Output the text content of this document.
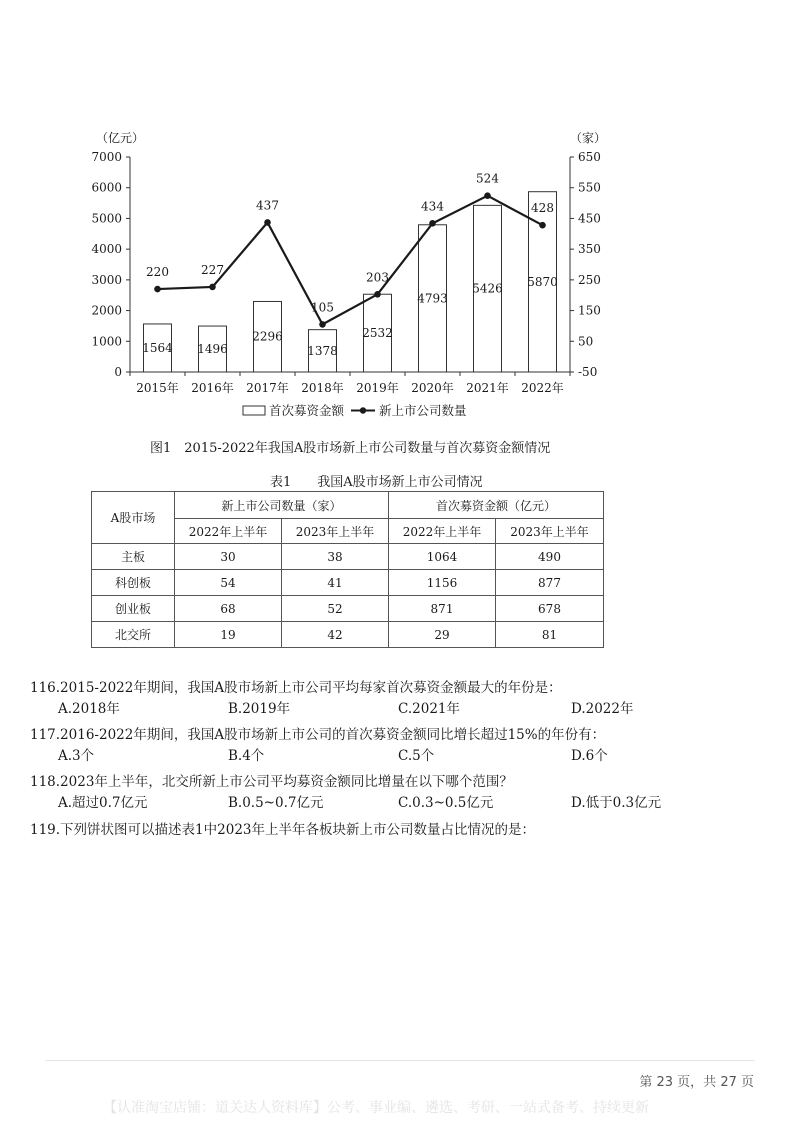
0
1000
2000
3000
4000
5000
6000
7000
-50
50
150
250
350
450
550
650
（亿元）	（家）
2015年 2016年 2017年 2018年 2019年 2020年 2021年 2022年
1564 1496
2296
1378
2532
4793
5426 5870
220	227
437
105
203
434
524
428
首次募资金额	新上市公司数量
图1　2015-2022年我国A股市场新上市公司数量与首次募资金额情况
表1　　我国A股市场新上市公司情况
A股市场	新上市公司数量（家）		首次募资金额（亿元）	
	2022年上半年	2023年上半年	2022年上半年	2023年上半年
主板	30	38	1064	490
科创板	54	41	1156	877
创业板	68	52	871	678
北交所	19	42	29	81
116.2015-2022年期间，我国A股市场新上市公司平均每家首次募资金额最大的年份是：
A.2018年	B.2019年	C.2021年	D.2022年
117.2016-2022年期间，我国A股市场新上市公司的首次募资金额同比增长超过15%的年份有：
A.3个	B.4个	C.5个	D.6个
118.2023年上半年，北交所新上市公司平均募资金额同比增量在以下哪个范围？
A.超过0.7亿元	B.0.5~0.7亿元	C.0.3~0.5亿元	D.低于0.3亿元
119.下列饼状图可以描述表1中2023年上半年各板块新上市公司数量占比情况的是：
第 23 页，共 27 页
【认准淘宝店铺：道关达人资料库】公考、事业编、遴选、考研、一站式备考、持续更新
